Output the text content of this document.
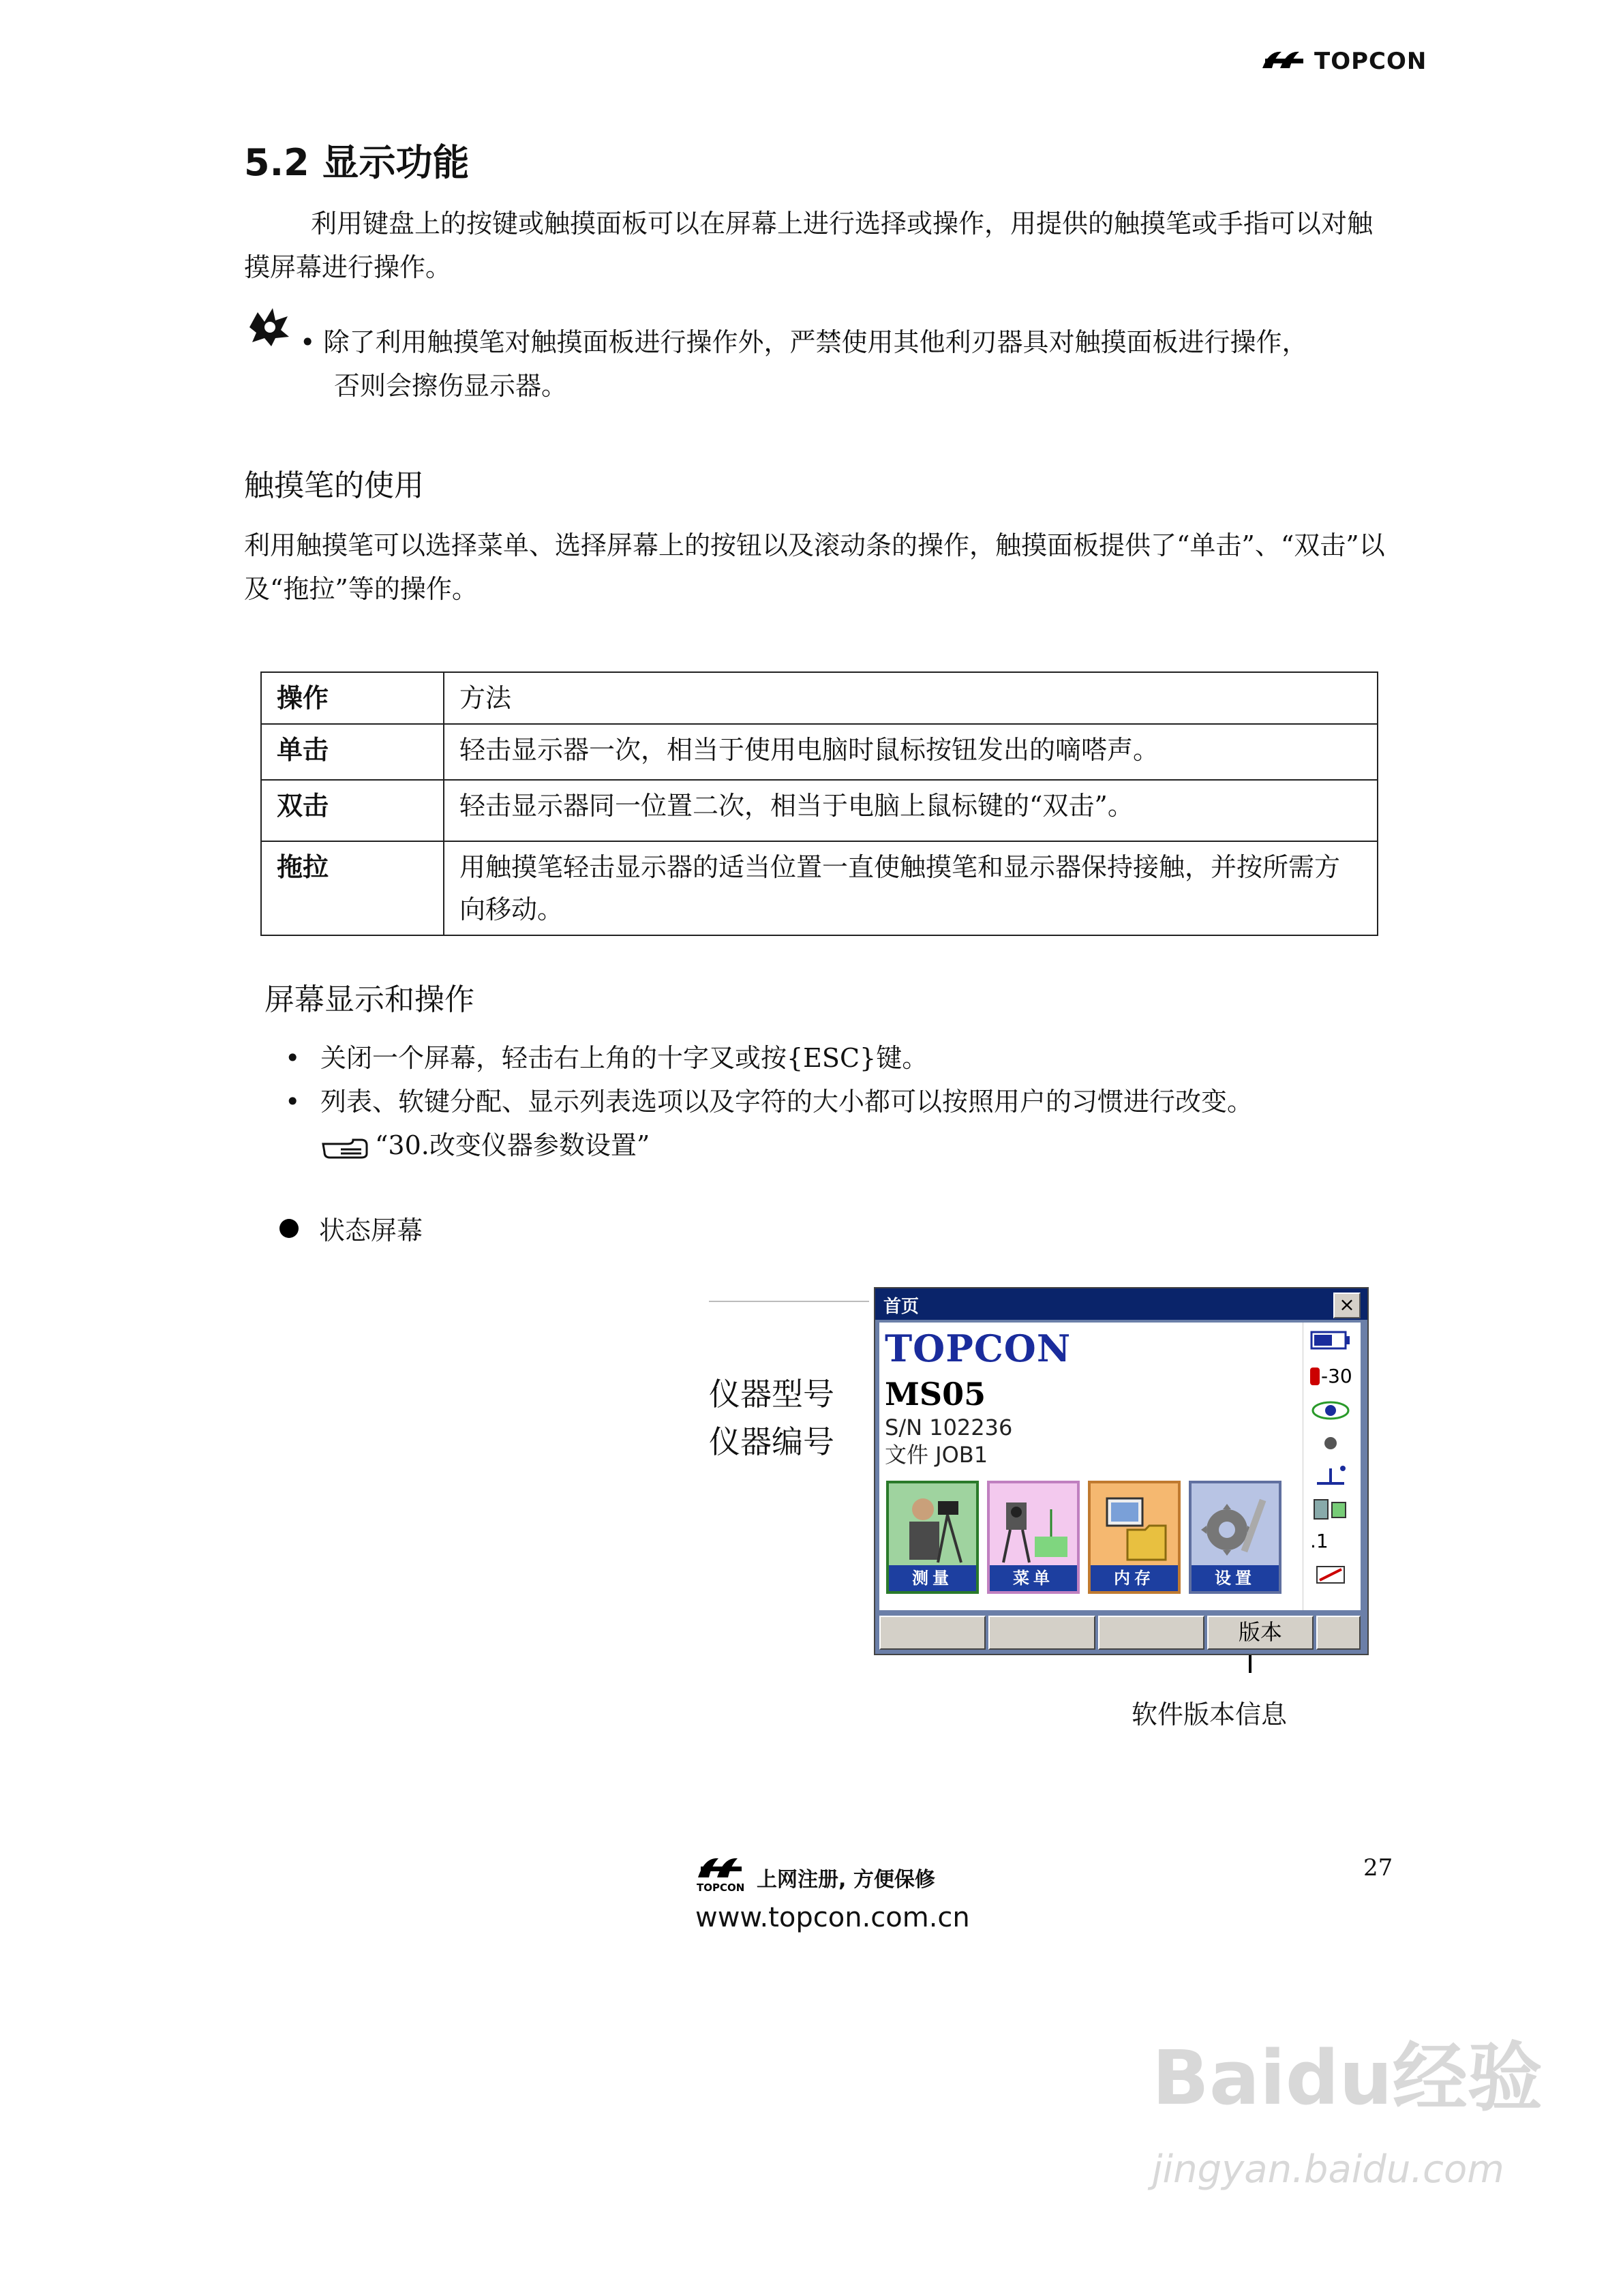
TOPCON
5.2 显示功能
利用键盘上的按键或触摸面板可以在屏幕上进行选择或操作，用提供的触摸笔或手指可以对触摸屏幕进行操作。
• 除了利用触摸笔对触摸面板进行操作外，严禁使用其他利刃器具对触摸面板进行操作，
否则会擦伤显示器。
触摸笔的使用
利用触摸笔可以选择菜单、选择屏幕上的按钮以及滚动条的操作，触摸面板提供了“单击”、“双击”以及“拖拉”等的操作。
操作	方法
单击	轻击显示器一次，相当于使用电脑时鼠标按钮发出的嘀嗒声。
双击	轻击显示器同一位置二次，相当于电脑上鼠标键的“双击”。
拖拉	用触摸笔轻击显示器的适当位置一直使触摸笔和显示器保持接触，并按所需方向移动。
屏幕显示和操作
• 关闭一个屏幕，轻击右上角的十字叉或按{ESC}键。
• 列表、软键分配、显示列表选项以及字符的大小都可以按照用户的习惯进行改变。
“30.改变仪器参数设置”
状态屏幕
仪器型号
仪器编号
首页	×
TOPCON
MS05
S/N 102236
文件 JOB1
测量	菜单	内存	设置
-30
.1
版本
软件版本信息
TOPCON 上网注册, 方便保修
www.topcon.com.cn
27
Baidu经验
jingyan.baidu.com
